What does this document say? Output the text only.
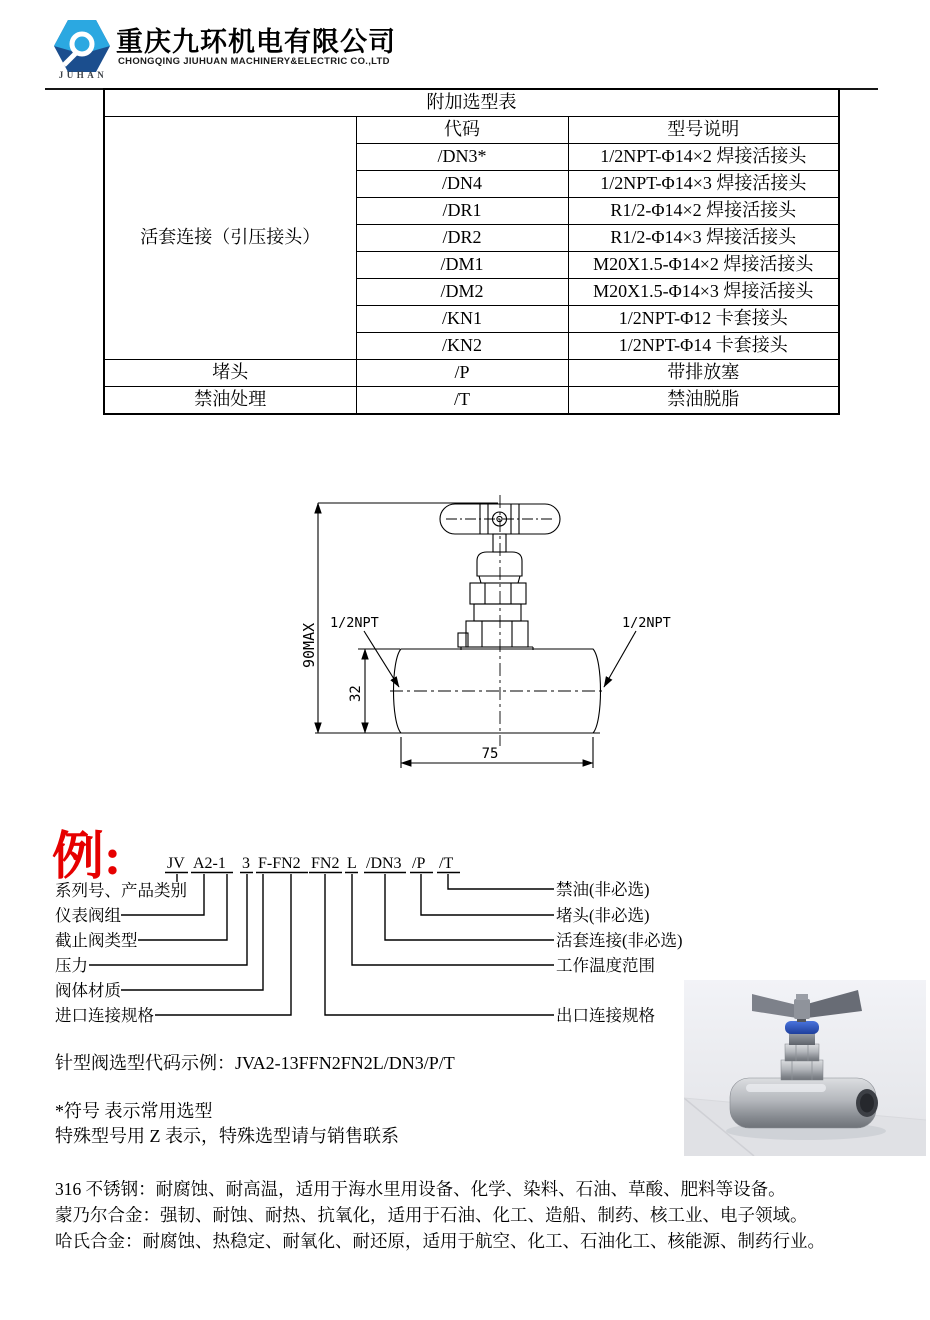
JUHAN
重庆九环机电有限公司
CHONGQING JIUHUAN MACHINERY&ELECTRIC CO.,LTD
附加选型表		
活套连接（引压接头）	代码	型号说明
	/DN3*	1/2NPT-Φ14×2 焊接活接头
	/DN4	1/2NPT-Φ14×3 焊接活接头
	/DR1	R1/2-Φ14×2 焊接活接头
	/DR2	R1/2-Φ14×3 焊接活接头
	/DM1	M20X1.5-Φ14×2 焊接活接头
	/DM2	M20X1.5-Φ14×3 焊接活接头
	/KN1	1/2NPT-Φ12 卡套接头
	/KN2	1/2NPT-Φ14 卡套接头
堵头	/P	带排放塞
禁油处理	/T	禁油脱脂
90MAX 1/2NPT	1/2NPT
32
75
例:	JV A2-1 3 F-FN2 FN2 L /DN3 /P /T
系列号、产品类别
仪表阀组
截止阀类型
压力
阀体材质
进口连接规格
禁油(非必选)
堵头(非必选)
活套连接(非必选)
工作温度范围
出口连接规格
针型阀选型代码示例：JVA2-13FFN2FN2L/DN3/P/T
*符号 表示常用选型
特殊型号用 Z 表示，特殊选型请与销售联系
316 不锈钢：耐腐蚀、耐高温，适用于海水里用设备、化学、染料、石油、草酸、肥料等设备。
蒙乃尔合金：强韧、耐蚀、耐热、抗氧化，适用于石油、化工、造船、制药、核工业、电子领域。
哈氏合金：耐腐蚀、热稳定、耐氧化、耐还原，适用于航空、化工、石油化工、核能源、制药行业。
